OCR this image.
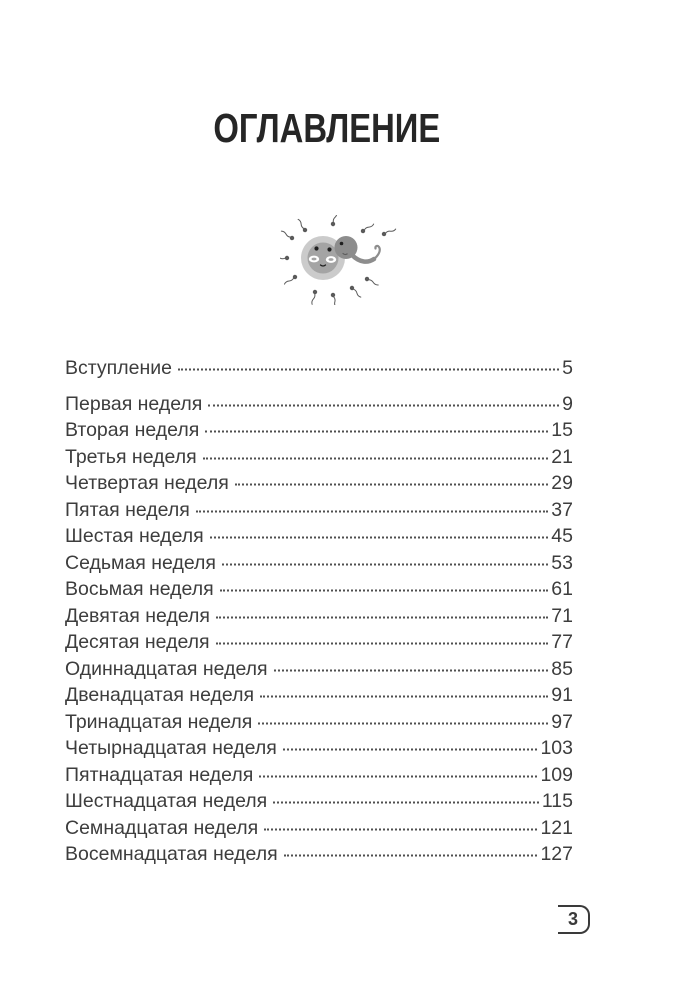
ОГЛАВЛЕНИЕ
Вступление	5
Первая неделя	9
Вторая неделя	15
Третья неделя	21
Четвертая неделя	29
Пятая неделя	37
Шестая неделя	45
Седьмая неделя	53
Восьмая неделя	61
Девятая неделя	71
Десятая неделя	77
Одиннадцатая неделя	85
Двенадцатая неделя	91
Тринадцатая неделя	97
Четырнадцатая неделя	103
Пятнадцатая неделя	109
Шестнадцатая неделя	115
Семнадцатая неделя	121
Восемнадцатая неделя	127
3
